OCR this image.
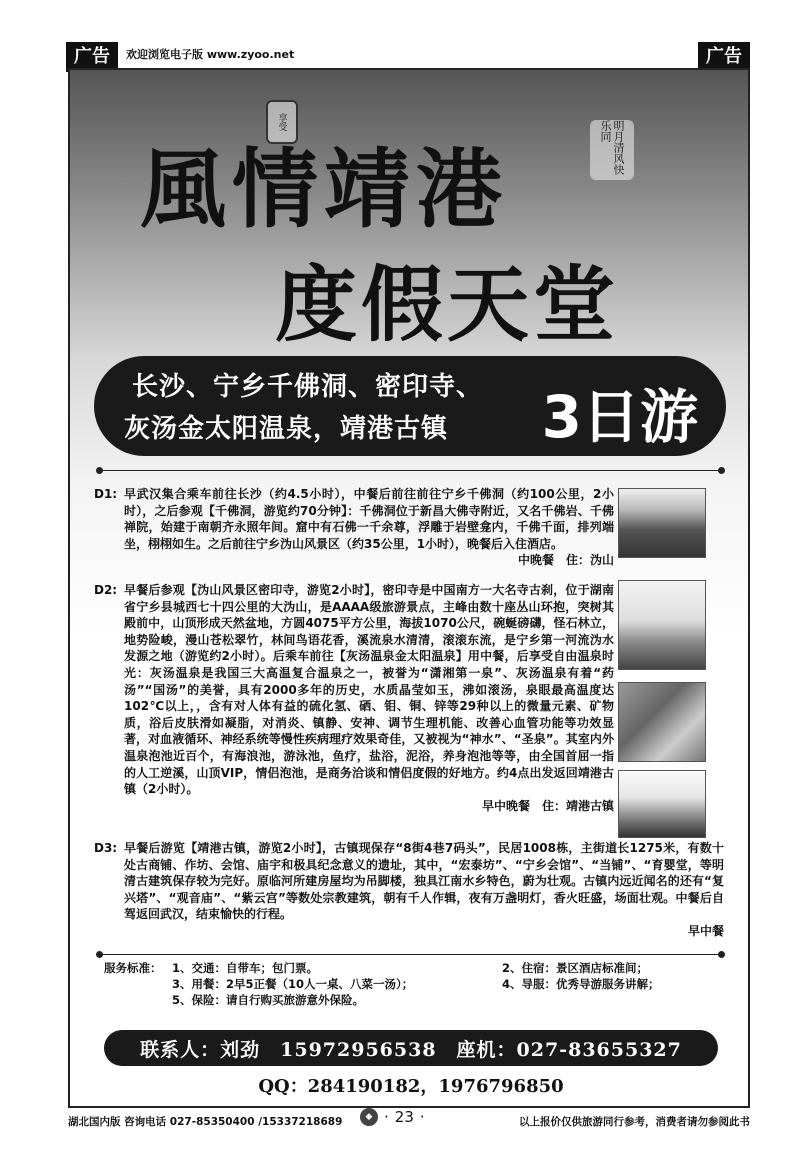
广告	欢迎浏览电子版 www.zyoo.net	广告
享受
風情靖港	明月清风快乐同
度假天堂
长沙、宁乡千佛洞、密印寺、
灰汤金太阳温泉，靖港古镇 3日游
D1: 早武汉集合乘车前往长沙（约4.5小时），中餐后前往前往宁乡千佛洞（约100公里，2小时），之后参观【千佛洞，游览约70分钟】：千佛洞位于新昌大佛寺附近，又名千佛岩、千佛禅院，始建于南朝齐永照年间。窟中有石佛一千余尊，浮雕于岩壁龛内，千佛千面，排列端坐，栩栩如生。之后前往宁乡沩山风景区（约35公里，1小时），晚餐后入住酒店。
中晚餐　住：沩山
D2: 早餐后参观【沩山风景区密印寺，游览2小时】，密印寺是中国南方一大名寺古刹，位于湖南省宁乡县城西七十四公里的大沩山，是AAAA级旅游景点，主峰由数十座丛山环抱，突树其殿前中，山顶形成天然盆地，方圆4075平方公里，海拔1070公尺，碗蜒磅礴，怪石林立，地势险峻，漫山苍松翠竹，林间鸟语花香，溪流泉水清清，滚滚东流，是宁乡第一河流沩水发源之地（游览约2小时）。后乘车前往【灰汤温泉金太阳温泉】用中餐，后享受自由温泉时光：灰汤温泉是我国三大高温复合温泉之一，被誉为“潇湘第一泉”、灰汤温泉有着“药汤”“国汤”的美誉，具有2000多年的历史，水质晶莹如玉，沸如滚汤，泉眼最高温度达102℃以上，，含有对人体有益的硫化氢、硒、钼、铜、锌等29种以上的微量元素、矿物质，浴后皮肤滑如凝脂，对消炎、镇静、安神、调节生理机能、改善心血管功能等功效显著，对血液循环、神经系统等慢性疾病理疗效果奇佳，又被视为“神水”、“圣泉”。其室内外温泉泡池近百个，有海浪池，游泳池，鱼疗，盐浴，泥浴，养身泡池等等，由全国首屈一指的人工逆溪，山顶VIP，情侣泡池，是商务洽谈和情侣度假的好地方。约4点出发返回靖港古镇（2小时）。
早中晚餐　住：靖港古镇
D3: 早餐后游览【靖港古镇，游览2小时】，古镇现保存“8街4巷7码头”，民居1008栋，主街道长1275米，有数十处古商铺、作坊、会馆、庙宇和极具纪念意义的遗址，其中，“宏泰坊”、“宁乡会馆”、“当铺”、“育婴堂，等明清古建筑保存较为完好。原临河所建房屋均为吊脚楼，独具江南水乡特色，蔚为壮观。古镇内远近闻名的还有“复兴塔”、“观音庙”、“紫云宫”等数处宗教建筑，朝有千人作辑，夜有万盏明灯，香火旺盛，场面壮观。中餐后自驾返回武汉，结束愉快的行程。
早中餐
服务标准： 1、交通：自带车；包门票。	2、住宿：景区酒店标准间；
3、用餐：2早5正餐（10人一桌、八菜一汤）；	4、导服：优秀导游服务讲解；
5、保险：请自行购买旅游意外保险。
联系人：刘劲　15972956538　座机：027-83655327
QQ：284190182，1976796850
湖北国内版 咨询电话 027-85350400 /15337218689	◆ · 23 ·	以上报价仅供旅游同行参考，消费者请勿参阅此书
